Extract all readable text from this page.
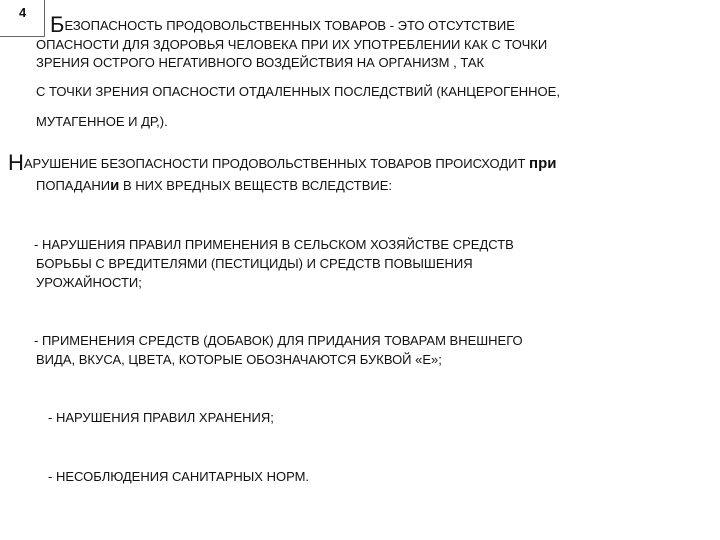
4 БЕЗОПАСНОСТЬ ПРОДОВОЛЬСТВЕННЫХ ТОВАРОВ - ЭТО ОТСУТСТВИЕ
ОПАСНОСТИ ДЛЯ ЗДОРОВЬЯ ЧЕЛОВЕКА ПРИ ИХ УПОТРЕБЛЕНИИ КАК С ТОЧКИ
ЗРЕНИЯ ОСТРОГО НЕГАТИВНОГО ВОЗДЕЙСТВИЯ НА ОРГАНИЗМ , ТАК
С ТОЧКИ ЗРЕНИЯ ОПАСНОСТИ ОТДАЛЕННЫХ ПОСЛЕДСТВИЙ (КАНЦЕРОГЕННОЕ,
МУТАГЕННОЕ И ДР,).
НАРУШЕНИЕ БЕЗОПАСНОСТИ ПРОДОВОЛЬСТВЕННЫХ ТОВАРОВ ПРОИСХОДИТ при
ПОПАДАНИи В НИХ ВРЕДНЫХ ВЕЩЕСТВ ВСЛЕДСТВИЕ:
- НАРУШЕНИЯ ПРАВИЛ ПРИМЕНЕНИЯ В СЕЛЬСКОМ ХОЗЯЙСТВЕ СРЕДСТВ
БОРЬБЫ С ВРЕДИТЕЛЯМИ (ПЕСТИЦИДЫ) И СРЕДСТВ ПОВЫШЕНИЯ
УРОЖАЙНОСТИ;
- ПРИМЕНЕНИЯ СРЕДСТВ (ДОБАВОК) ДЛЯ ПРИДАНИЯ ТОВАРАМ ВНЕШНЕГО
ВИДА, ВКУСА, ЦВЕТА, КОТОРЫЕ ОБОЗНАЧАЮТСЯ БУКВОЙ «Е»;
- НАРУШЕНИЯ ПРАВИЛ ХРАНЕНИЯ;
- НЕСОБЛЮДЕНИЯ САНИТАРНЫХ НОРМ.
